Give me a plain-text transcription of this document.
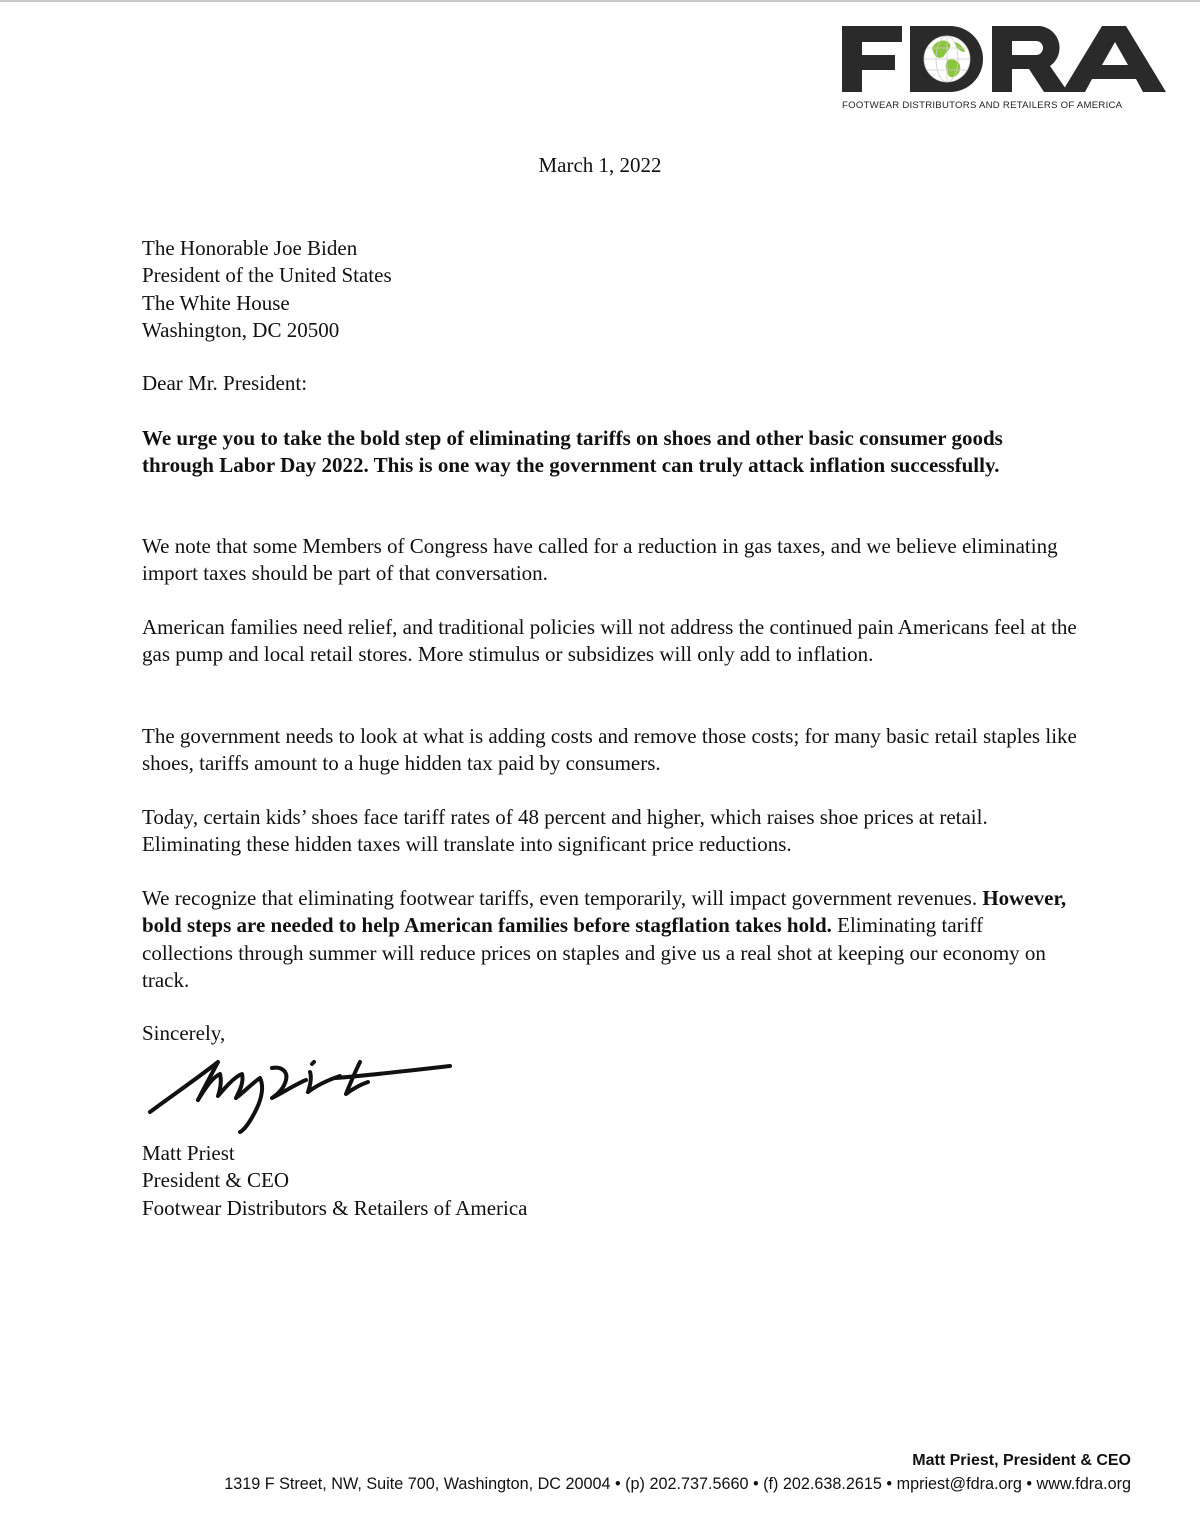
FOOTWEAR DISTRIBUTORS AND RETAILERS OF AMERICA

March 1, 2022

The Honorable Joe Biden
President of the United States
The White House
Washington, DC 20500

Dear Mr. President:

We urge you to take the bold step of eliminating tariffs on shoes and other basic consumer goods through Labor Day 2022. This is one way the government can truly attack inflation successfully.

We note that some Members of Congress have called for a reduction in gas taxes, and we believe eliminating import taxes should be part of that conversation.

American families need relief, and traditional policies will not address the continued pain Americans feel at the gas pump and local retail stores. More stimulus or subsidizes will only add to inflation.

The government needs to look at what is adding costs and remove those costs; for many basic retail staples like shoes, tariffs amount to a huge hidden tax paid by consumers.

Today, certain kids’ shoes face tariff rates of 48 percent and higher, which raises shoe prices at retail. Eliminating these hidden taxes will translate into significant price reductions.

We recognize that eliminating footwear tariffs, even temporarily, will impact government revenues. However, bold steps are needed to help American families before stagflation takes hold. Eliminating tariff collections through summer will reduce prices on staples and give us a real shot at keeping our economy on track.

Sincerely,

Matt Priest
President & CEO
Footwear Distributors & Retailers of America

Matt Priest, President & CEO

1319 F Street, NW, Suite 700, Washington, DC 20004 • (p) 202.737.5660 • (f) 202.638.2615 • mpriest@fdra.org • www.fdra.org
